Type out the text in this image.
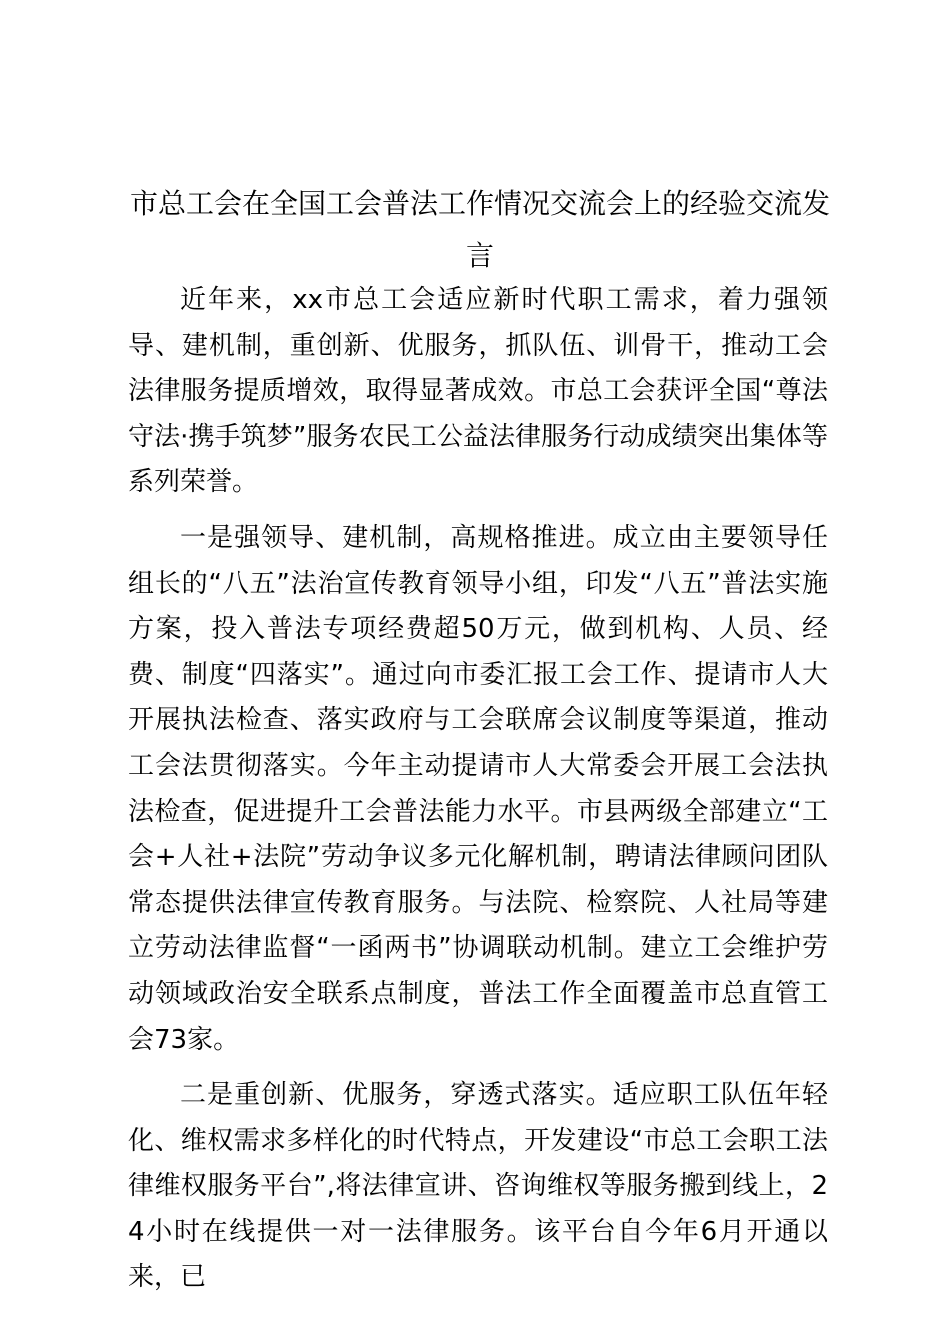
市总工会在全国工会普法工作情况交流会上的经验交流发言

近年来，xx市总工会适应新时代职工需求，着力强领导、建机制，重创新、优服务，抓队伍、训骨干，推动工会法律服务提质增效，取得显著成效。市总工会获评全国“尊法守法·携手筑梦”服务农民工公益法律服务行动成绩突出集体等系列荣誉。

一是强领导、建机制，高规格推进。成立由主要领导任组长的“八五”法治宣传教育领导小组，印发“八五”普法实施方案，投入普法专项经费超50万元，做到机构、人员、经费、制度“四落实”。通过向市委汇报工会工作、提请市人大开展执法检查、落实政府与工会联席会议制度等渠道，推动工会法贯彻落实。今年主动提请市人大常委会开展工会法执法检查，促进提升工会普法能力水平。市县两级全部建立“工会+人社+法院”劳动争议多元化解机制，聘请法律顾问团队常态提供法律宣传教育服务。与法院、检察院、人社局等建立劳动法律监督“一函两书”协调联动机制。建立工会维护劳动领域政治安全联系点制度，普法工作全面覆盖市总直管工会73家。

二是重创新、优服务，穿透式落实。适应职工队伍年轻化、维权需求多样化的时代特点，开发建设“市总工会职工法律维权服务平台”,将法律宣讲、咨询维权等服务搬到线上，24小时在线提供一对一法律服务。该平台自今年6月开通以来，已
